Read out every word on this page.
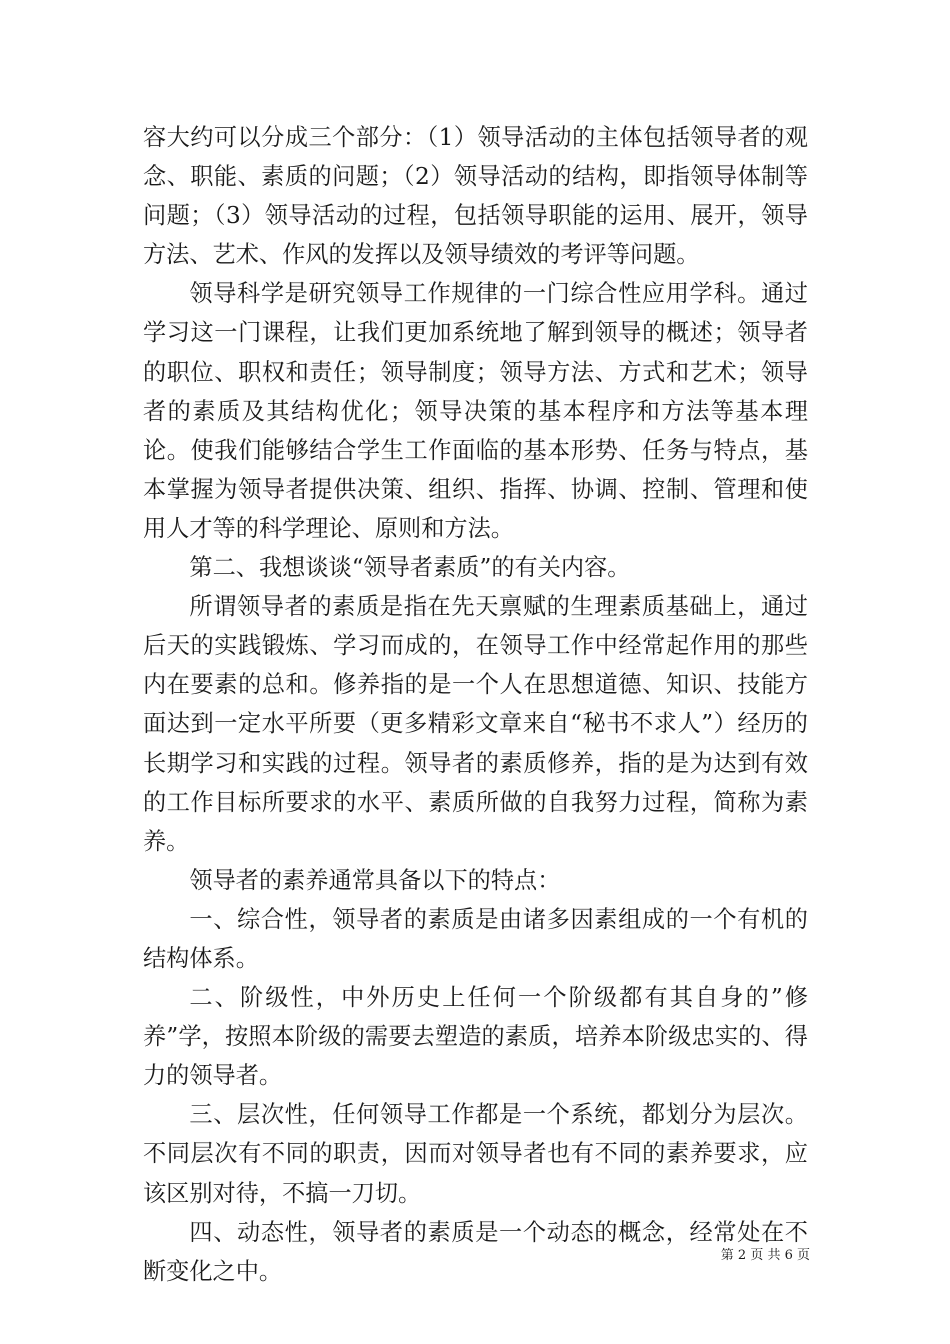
容大约可以分成三个部分：（1）领导活动的主体包括领导者的观念、职能、素质的问题；（2）领导活动的结构，即指领导体制等问题；（3）领导活动的过程，包括领导职能的运用、展开，领导方法、艺术、作风的发挥以及领导绩效的考评等问题。

领导科学是研究领导工作规律的一门综合性应用学科。通过学习这一门课程，让我们更加系统地了解到领导的概述；领导者的职位、职权和责任；领导制度；领导方法、方式和艺术；领导者的素质及其结构优化；领导决策的基本程序和方法等基本理论。使我们能够结合学生工作面临的基本形势、任务与特点，基本掌握为领导者提供决策、组织、指挥、协调、控制、管理和使用人才等的科学理论、原则和方法。

第二、我想谈谈“领导者素质”的有关内容。

所谓领导者的素质是指在先天禀赋的生理素质基础上，通过后天的实践锻炼、学习而成的，在领导工作中经常起作用的那些内在要素的总和。修养指的是一个人在思想道德、知识、技能方面达到一定水平所要（更多精彩文章来自“秘书不求人”）经历的长期学习和实践的过程。领导者的素质修养，指的是为达到有效的工作目标所要求的水平、素质所做的自我努力过程，简称为素养。

领导者的素养通常具备以下的特点：

一、综合性，领导者的素质是由诸多因素组成的一个有机的结构体系。

二、阶级性，中外历史上任何一个阶级都有其自身的”修养”学，按照本阶级的需要去塑造的素质，培养本阶级忠实的、得力的领导者。

三、层次性，任何领导工作都是一个系统，都划分为层次。不同层次有不同的职责，因而对领导者也有不同的素养要求，应该区别对待，不搞一刀切。

四、动态性，领导者的素质是一个动态的概念，经常处在不断变化之中。

第 2 页 共 6 页
